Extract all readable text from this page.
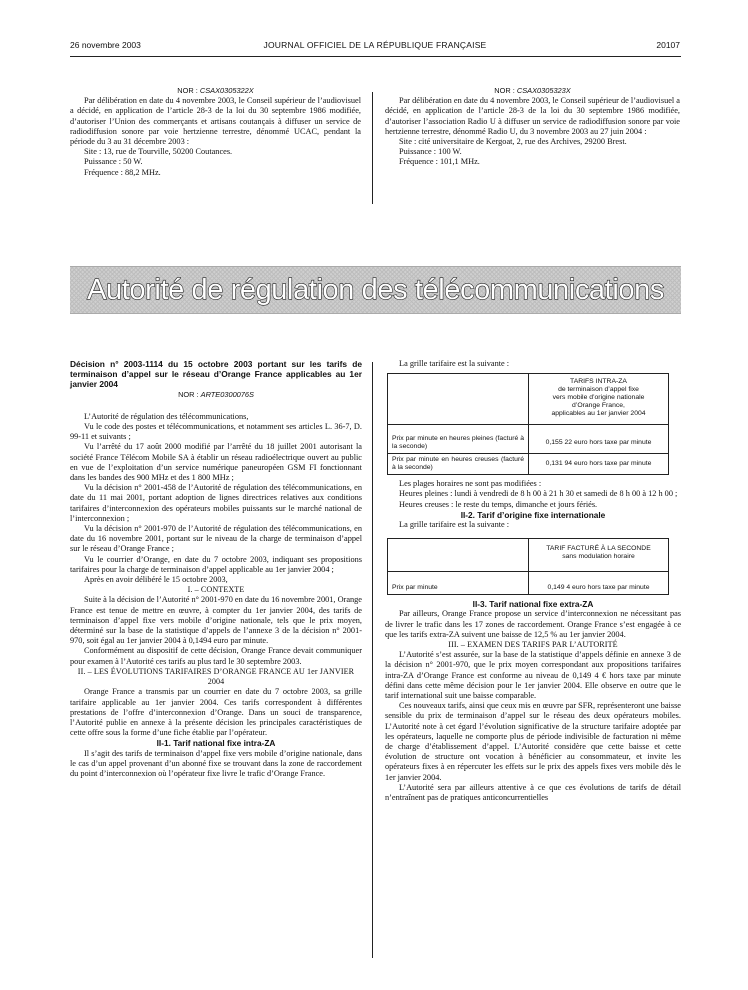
26 novembre 2003	JOURNAL OFFICIEL DE LA RÉPUBLIQUE FRANÇAISE	20107

NOR : CSAX0305322X

Par délibération en date du 4 novembre 2003, le Conseil supérieur de l’audiovisuel a décidé, en application de l’article 28-3 de la loi du 30 septembre 1986 modifiée, d’autoriser l’Union des commerçants et artisans coutançais à diffuser un service de radiodiffusion sonore par voie hertzienne terrestre, dénommé UCAC, pendant la période du 3 au 31 décembre 2003 :

Site : 13, rue de Tourville, 50200 Coutances.

Puissance : 50 W.

Fréquence : 88,2 MHz.

NOR : CSAX0305323X

Par délibération en date du 4 novembre 2003, le Conseil supérieur de l’audiovisuel a décidé, en application de l’article 28-3 de la loi du 30 septembre 1986 modifiée, d’autoriser l’association Radio U à diffuser un service de radiodiffusion sonore par voie hertzienne terrestre, dénommé Radio U, du 3 novembre 2003 au 27 juin 2004 :

Site : cité universitaire de Kergoat, 2, rue des Archives, 29200 Brest.

Puissance : 100 W.

Fréquence : 101,1 MHz.

Autorité de régulation des télécommunications

Décision n° 2003-1114 du 15 octobre 2003 portant sur les tarifs de terminaison d’appel sur le réseau d’Orange France applicables au 1er janvier 2004

NOR : ARTE0300076S

L’Autorité de régulation des télécommunications,

Vu le code des postes et télécommunications, et notamment ses articles L. 36-7, D. 99-11 et suivants ;

Vu l’arrêté du 17 août 2000 modifié par l’arrêté du 18 juillet 2001 autorisant la société France Télécom Mobile SA à établir un réseau radioélectrique ouvert au public en vue de l’exploitation d’un service numérique paneuropéen GSM FI fonctionnant dans les bandes des 900 MHz et des 1 800 MHz ;

Vu la décision n° 2001-458 de l’Autorité de régulation des télécommunications, en date du 11 mai 2001, portant adoption de lignes directrices relatives aux conditions tarifaires d’interconnexion des opérateurs mobiles puissants sur le marché national de l’interconnexion ;

Vu la décision n° 2001-970 de l’Autorité de régulation des télécommunications, en date du 16 novembre 2001, portant sur le niveau de la charge de terminaison d’appel sur le réseau d’Orange France ;

Vu le courrier d’Orange, en date du 7 octobre 2003, indiquant ses propositions tarifaires pour la charge de terminaison d’appel applicable au 1er janvier 2004 ;

Après en avoir délibéré le 15 octobre 2003,

I. – CONTEXTE

Suite à la décision de l’Autorité n° 2001-970 en date du 16 novembre 2001, Orange France est tenue de mettre en œuvre, à compter du 1er janvier 2004, des tarifs de terminaison d’appel fixe vers mobile d’origine nationale, tels que le prix moyen, déterminé sur la base de la statistique d’appels de l’annexe 3 de la décision n° 2001-970, soit égal au 1er janvier 2004 à 0,1494 euro par minute.

Conformément au dispositif de cette décision, Orange France devait communiquer pour examen à l’Autorité ces tarifs au plus tard le 30 septembre 2003.

II. – LES ÉVOLUTIONS TARIFAIRES D’ORANGE FRANCE AU 1er JANVIER 2004

Orange France a transmis par un courrier en date du 7 octobre 2003, sa grille tarifaire applicable au 1er janvier 2004. Ces tarifs correspondent à différentes prestations de l’offre d’interconnexion d’Orange. Dans un souci de transparence, l’Autorité publie en annexe à la présente décision les principales caractéristiques de cette offre sous la forme d’une fiche établie par l’opérateur.

II-1. Tarif national fixe intra-ZA

Il s’agit des tarifs de terminaison d’appel fixe vers mobile d’origine nationale, dans le cas d’un appel provenant d’un abonné fixe se trouvant dans la zone de raccordement du point d’interconnexion où l’opérateur fixe livre le trafic d’Orange France.

La grille tarifaire est la suivante :

	TARIFS INTRA-ZA
de terminaison d’appel fixe
vers mobile d’origine nationale
d’Orange France,
applicables au 1er janvier 2004

Prix par minute en heures pleines (facturé à la seconde)	0,155 22 euro hors taxe par minute
Prix par minute en heures creuses (facturé à la seconde)	0,131 94 euro hors taxe par minute

Les plages horaires ne sont pas modifiées :

Heures pleines : lundi à vendredi de 8 h 00 à 21 h 30 et samedi de 8 h 00 à 12 h 00 ;

Heures creuses : le reste du temps, dimanche et jours fériés.

II-2. Tarif d’origine fixe internationale

La grille tarifaire est la suivante :

	TARIF FACTURÉ À LA SECONDE
sans modulation horaire

Prix par minute	0,149 4 euro hors taxe par minute

II-3. Tarif national fixe extra-ZA

Par ailleurs, Orange France propose un service d’interconnexion ne nécessitant pas de livrer le trafic dans les 17 zones de raccordement. Orange France s’est engagée à ce que les tarifs extra-ZA suivent une baisse de 12,5 % au 1er janvier 2004.

III. – EXAMEN DES TARIFS PAR L’AUTORITÉ

L’Autorité s’est assurée, sur la base de la statistique d’appels définie en annexe 3 de la décision n° 2001-970, que le prix moyen correspondant aux propositions tarifaires intra-ZA d’Orange France est conforme au niveau de 0,149 4 € hors taxe par minute défini dans cette même décision pour le 1er janvier 2004. Elle observe en outre que le tarif international suit une baisse comparable.

Ces nouveaux tarifs, ainsi que ceux mis en œuvre par SFR, représenteront une baisse sensible du prix de terminaison d’appel sur le réseau des deux opérateurs mobiles. L’Autorité note à cet égard l’évolution significative de la structure tarifaire adoptée par les opérateurs, laquelle ne comporte plus de période indivisible de facturation ni même de charge d’établissement d’appel. L’Autorité considère que cette baisse et cette évolution de structure ont vocation à bénéficier au consommateur, et invite les opérateurs fixes à en répercuter les effets sur le prix des appels fixes vers mobile dès le 1er janvier 2004.

L’Autorité sera par ailleurs attentive à ce que ces évolutions de tarifs de détail n’entraînent pas de pratiques anticoncurrentielles
